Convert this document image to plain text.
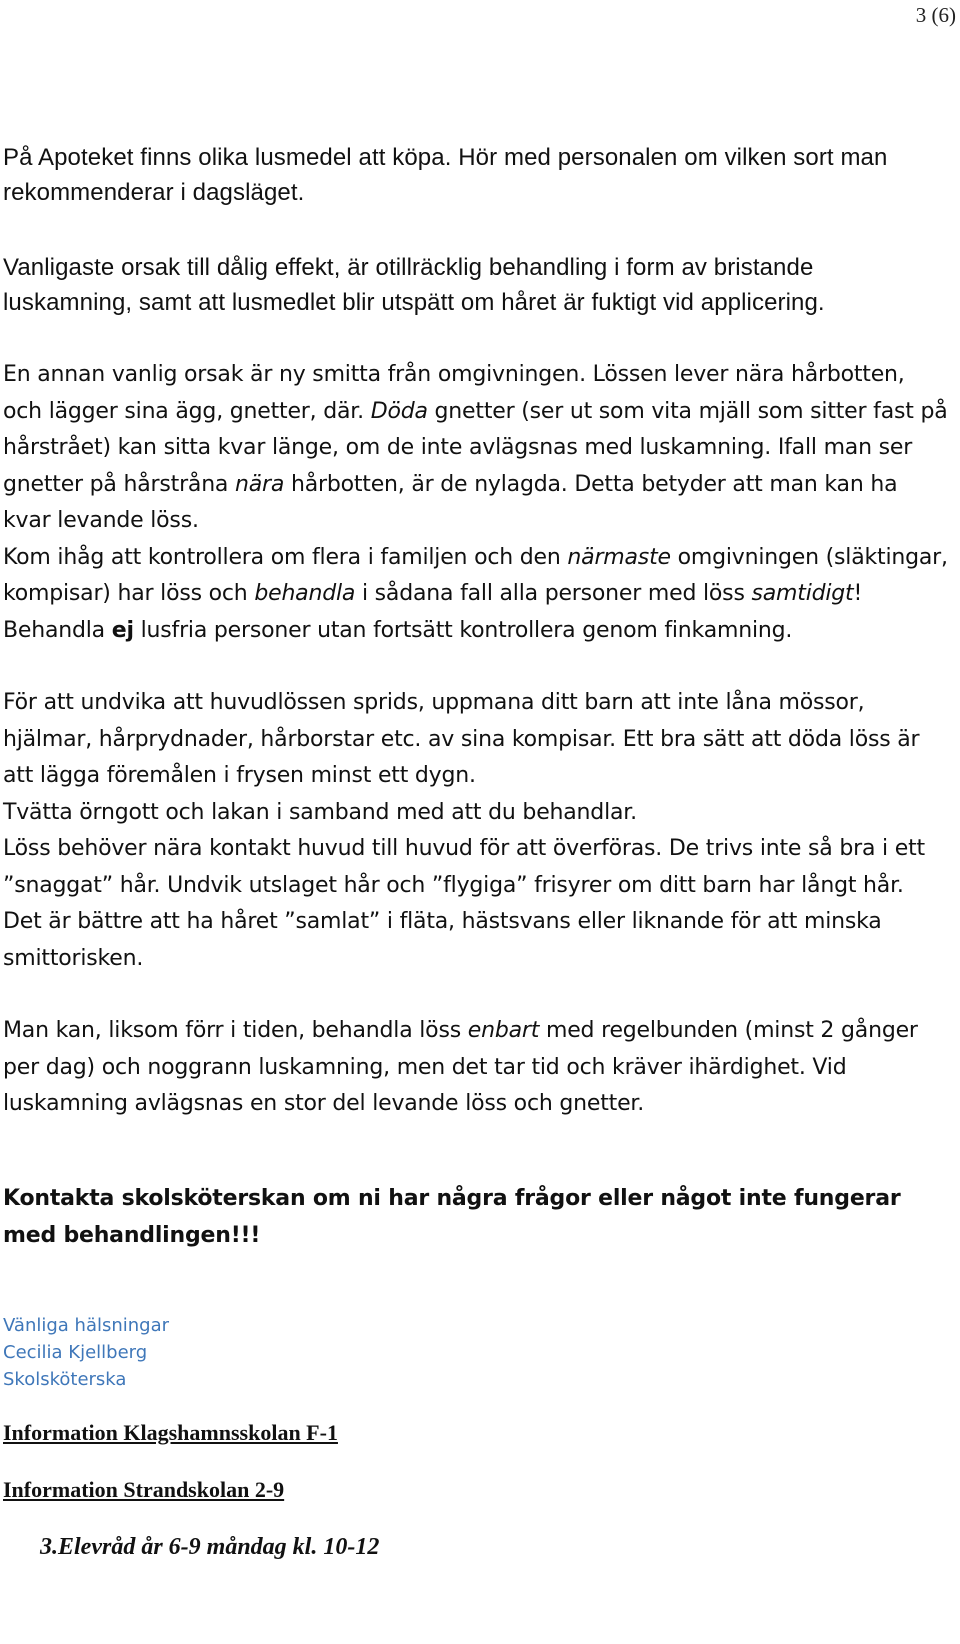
3 (6)

På Apoteket finns olika lusmedel att köpa. Hör med personalen om vilken sort man rekommenderar i dagsläget.

Vanligaste orsak till dålig effekt, är otillräcklig behandling i form av bristande luskamning, samt att lusmedlet blir utspätt om håret är fuktigt vid applicering.

En annan vanlig orsak är ny smitta från omgivningen. Lössen lever nära hårbotten, och lägger sina ägg, gnetter, där. Döda gnetter (ser ut som vita mjäll som sitter fast på hårstrået) kan sitta kvar länge, om de inte avlägsnas med luskamning. Ifall man ser gnetter på hårstråna nära hårbotten, är de nylagda. Detta betyder att man kan ha kvar levande löss.

Kom ihåg att kontrollera om flera i familjen och den närmaste omgivningen (släktingar, kompisar) har löss och behandla i sådana fall alla personer med löss samtidigt! Behandla ej lusfria personer utan fortsätt kontrollera genom finkamning.

För att undvika att huvudlössen sprids, uppmana ditt barn att inte låna mössor, hjälmar, hårprydnader, hårborstar etc. av sina kompisar. Ett bra sätt att döda löss är att lägga föremålen i frysen minst ett dygn.

Tvätta örngott och lakan i samband med att du behandlar.

Löss behöver nära kontakt huvud till huvud för att överföras. De trivs inte så bra i ett ”snaggat” hår. Undvik utslaget hår och ”flygiga” frisyrer om ditt barn har långt hår. Det är bättre att ha håret ”samlat” i fläta, hästsvans eller liknande för att minska smittorisken.

Man kan, liksom förr i tiden, behandla löss enbart med regelbunden (minst 2 gånger per dag) och noggrann luskamning, men det tar tid och kräver ihärdighet. Vid luskamning avlägsnas en stor del levande löss och gnetter.

Kontakta skolsköterskan om ni har några frågor eller något inte fungerar med behandlingen!!!

Vänliga hälsningar
Cecilia Kjellberg
Skolsköterska
Information Klagshamnsskolan F-1
Information Strandskolan 2-9
3.Elevråd år 6-9 måndag kl. 10-12
